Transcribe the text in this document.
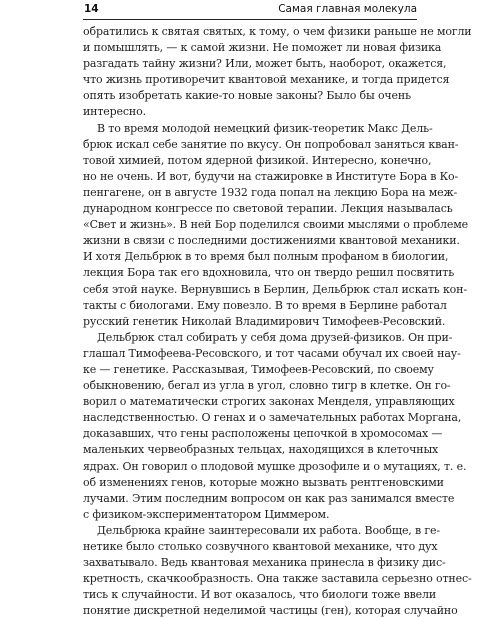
14	Самая главная молекула
обратились к святая святых, к тому, о чем физики раньше не могли
и помышлять, — к самой жизни. Не поможет ли новая физика
разгадать тайну жизни? Или, может быть, наоборот, окажется,
что жизнь противоречит квантовой механике, и тогда придется
опять изобретать какие-то новые законы? Было бы очень
интересно.
В то время молодой немецкий физик-теоретик Макс Дель-
брюк искал себе занятие по вкусу. Он попробовал заняться кван-
товой химией, потом ядерной физикой. Интересно, конечно,
но не очень. И вот, будучи на стажировке в Институте Бора в Ко-
пенгагене, он в августе 1932 года попал на лекцию Бора на меж-
дународном конгрессе по световой терапии. Лекция называлась
«Свет и жизнь». В ней Бор поделился своими мыслями о проблеме
жизни в связи с последними достижениями квантовой механики.
И хотя Дельбрюк в то время был полным профаном в биологии,
лекция Бора так его вдохновила, что он твердо решил посвятить
себя этой науке. Вернувшись в Берлин, Дельбрюк стал искать кон-
такты с биологами. Ему повезло. В то время в Берлине работал
русский генетик Николай Владимирович Тимофеев-Ресовский.
Дельбрюк стал собирать у себя дома друзей-физиков. Он при-
глашал Тимофеева-Ресовского, и тот часами обучал их своей нау-
ке — генетике. Рассказывая, Тимофеев-Ресовский, по своему
обыкновению, бегал из угла в угол, словно тигр в клетке. Он го-
ворил о математически строгих законах Менделя, управляющих
наследственностью. О генах и о замечательных работах Моргана,
доказавших, что гены расположены цепочкой в хромосомах —
маленьких червеобразных тельцах, находящихся в клеточных
ядрах. Он говорил о плодовой мушке дрозофиле и о мутациях, т. е.
об изменениях генов, которые можно вызвать рентгеновскими
лучами. Этим последним вопросом он как раз занимался вместе
с физиком-экспериментатором Циммером.
Дельбрюка крайне заинтересовали их работа. Вообще, в ге-
нетике было столько созвучного квантовой механике, что дух
захватывало. Ведь квантовая механика принесла в физику дис-
кретность, скачкообразность. Она также заставила серьезно отнес-
тись к случайности. И вот оказалось, что биологи тоже ввели
понятие дискретной неделимой частицы (ген), которая случайно
